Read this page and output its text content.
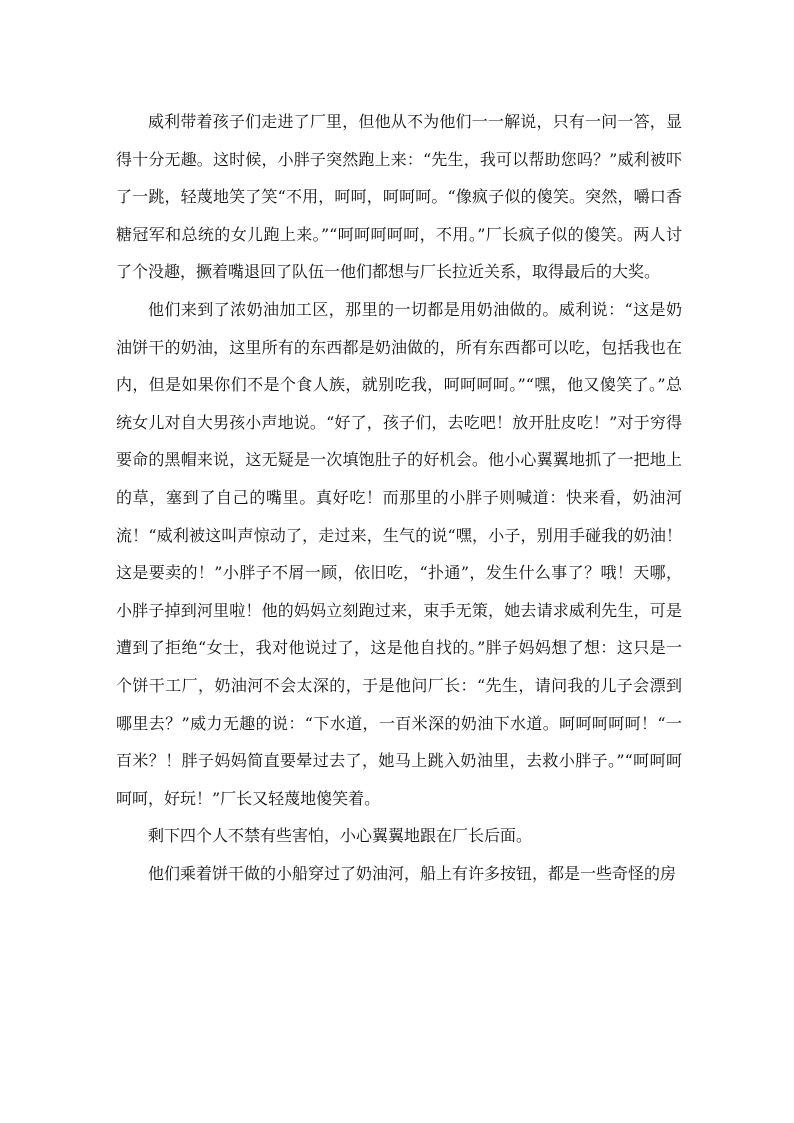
威利带着孩子们走进了厂里，但他从不为他们一一解说，只有一问一答，显得十分无趣。这时候，小胖子突然跑上来：“先生，我可以帮助您吗？”威利被吓了一跳，轻蔑地笑了笑“不用，呵呵，呵呵呵。“像疯子似的傻笑。突然，嚼口香糖冠军和总统的女儿跑上来。”“呵呵呵呵呵，不用。”厂长疯子似的傻笑。两人讨了个没趣，撅着嘴退回了队伍一他们都想与厂长拉近关系，取得最后的大奖。

他们来到了浓奶油加工区，那里的一切都是用奶油做的。威利说：“这是奶油饼干的奶油，这里所有的东西都是奶油做的，所有东西都可以吃，包括我也在内，但是如果你们不是个食人族，就别吃我，呵呵呵呵。”“嘿，他又傻笑了。”总统女儿对自大男孩小声地说。“好了，孩子们，去吃吧！放开肚皮吃！”对于穷得要命的黑帽来说，这无疑是一次填饱肚子的好机会。他小心翼翼地抓了一把地上的草，塞到了自己的嘴里。真好吃！而那里的小胖子则喊道：快来看，奶油河流！“威利被这叫声惊动了，走过来，生气的说“嘿，小子，别用手碰我的奶油！这是要卖的！”小胖子不屑一顾，依旧吃，“扑通”，发生什么事了？哦！天哪，小胖子掉到河里啦！他的妈妈立刻跑过来，束手无策，她去请求威利先生，可是遭到了拒绝“女士，我对他说过了，这是他自找的。”胖子妈妈想了想：这只是一个饼干工厂，奶油河不会太深的，于是他问厂长：“先生，请问我的儿子会漂到哪里去？”威力无趣的说：“下水道，一百米深的奶油下水道。呵呵呵呵呵！“一百米？！胖子妈妈简直要晕过去了，她马上跳入奶油里，去救小胖子。”“呵呵呵呵呵，好玩！”厂长又轻蔑地傻笑着。

剩下四个人不禁有些害怕，小心翼翼地跟在厂长后面。

他们乘着饼干做的小船穿过了奶油河，船上有许多按钮，都是一些奇怪的房
